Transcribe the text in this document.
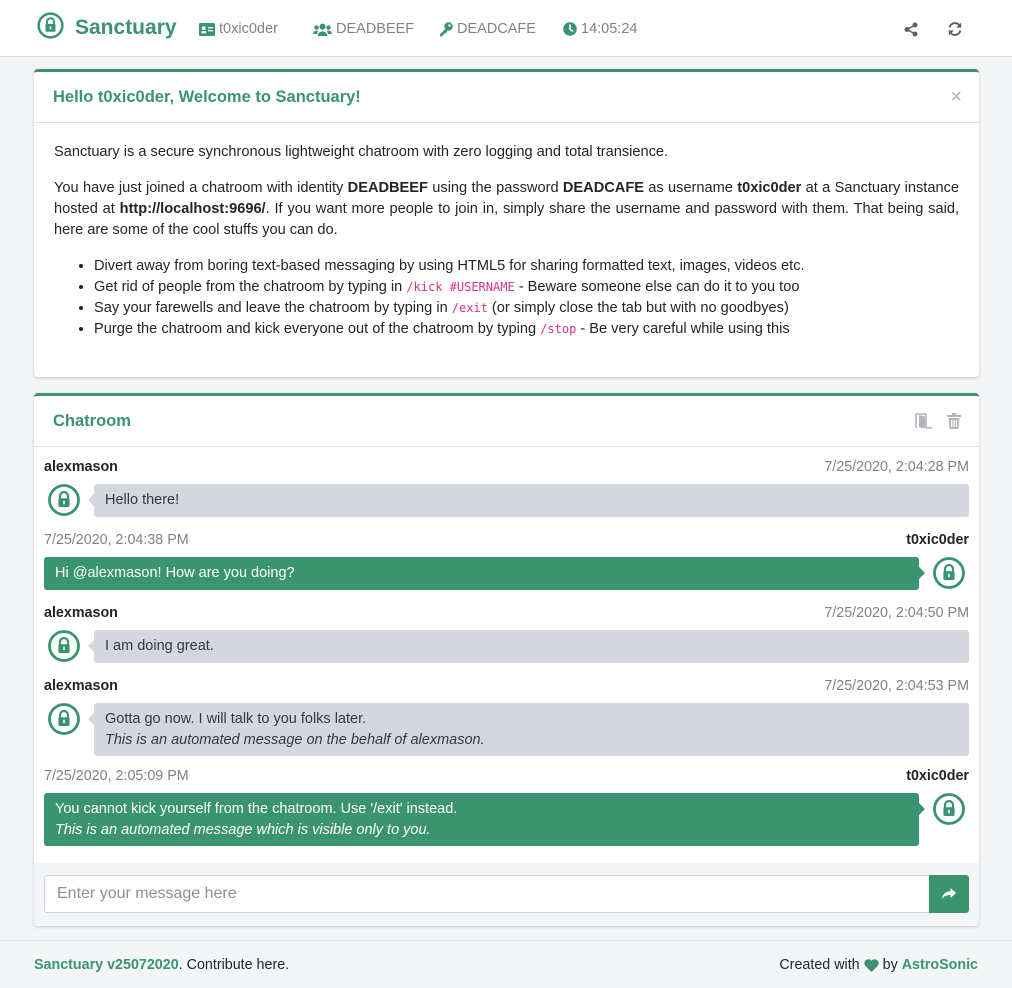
Sanctuary	t0xic0der	DEADBEEF	DEADCAFE	14:05:24
Hello t0xic0der, Welcome to Sanctuary!	×

Sanctuary is a secure synchronous lightweight chatroom with zero logging and total transience.

You have just joined a chatroom with identity DEADBEEF using the password DEADCAFE as username t0xic0der at a Sanctuary instance hosted at http://localhost:9696/. If you want more people to join in, simply share the username and password with them. That being said, here are some of the cool stuffs you can do.

• Divert away from boring text-based messaging by using HTML5 for sharing formatted text, images, videos etc.
• Get rid of people from the chatroom by typing in /kick #USERNAME - Beware someone else can do it to you too
• Say your farewells and leave the chatroom by typing in /exit (or simply close the tab but with no goodbyes)
• Purge the chatroom and kick everyone out of the chatroom by typing /stop - Be very careful while using this
Chatroom
alexmason	7/25/2020, 2:04:28 PM
Hello there!
7/25/2020, 2:04:38 PM	t0xic0der
Hi @alexmason! How are you doing?
alexmason	7/25/2020, 2:04:50 PM
I am doing great.
alexmason	7/25/2020, 2:04:53 PM
Gotta go now. I will talk to you folks later.
This is an automated message on the behalf of alexmason.
7/25/2020, 2:05:09 PM	t0xic0der
You cannot kick yourself from the chatroom. Use '/exit' instead.
This is an automated message which is visible only to you.
Enter your message here
Sanctuary v25072020. Contribute here.	Created with by AstroSonic
